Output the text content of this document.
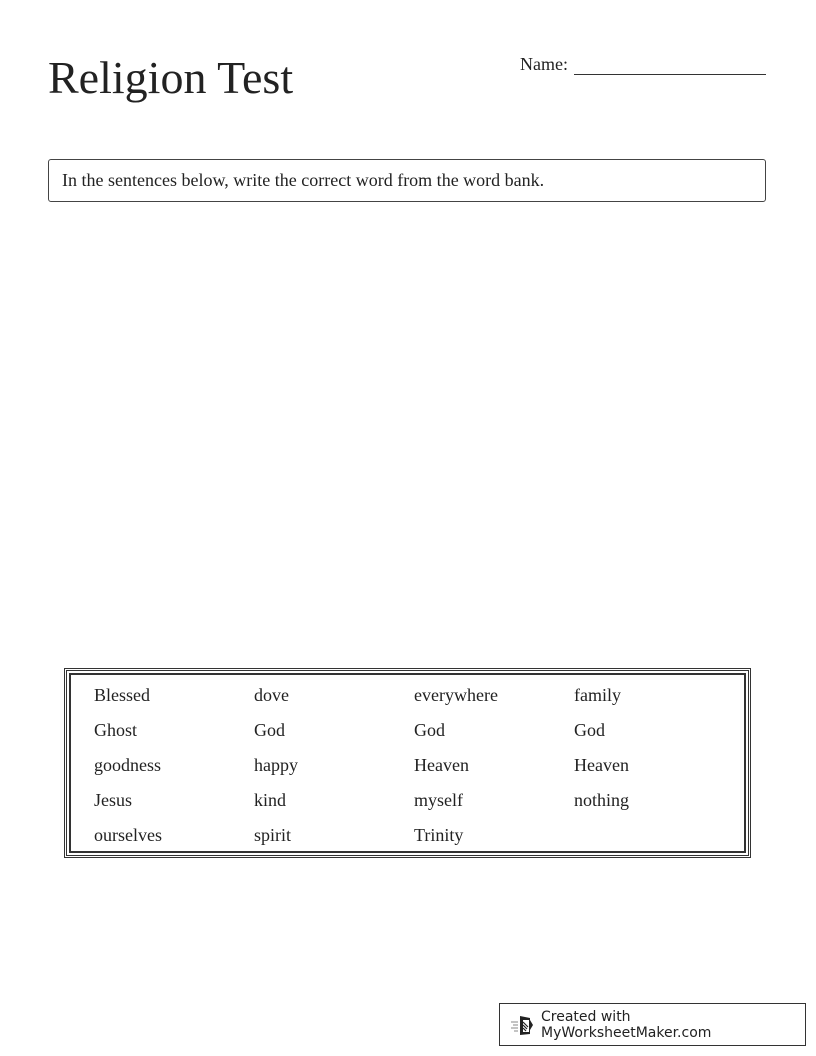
Religion Test	Name:
In the sentences below, write the correct word from the word bank.
Blessed	dove	everywhere	family
Ghost	God	God	God
goodness	happy	Heaven	Heaven
Jesus	kind	myself	nothing
ourselves	spirit	Trinity
Created with MyWorksheetMaker.com
